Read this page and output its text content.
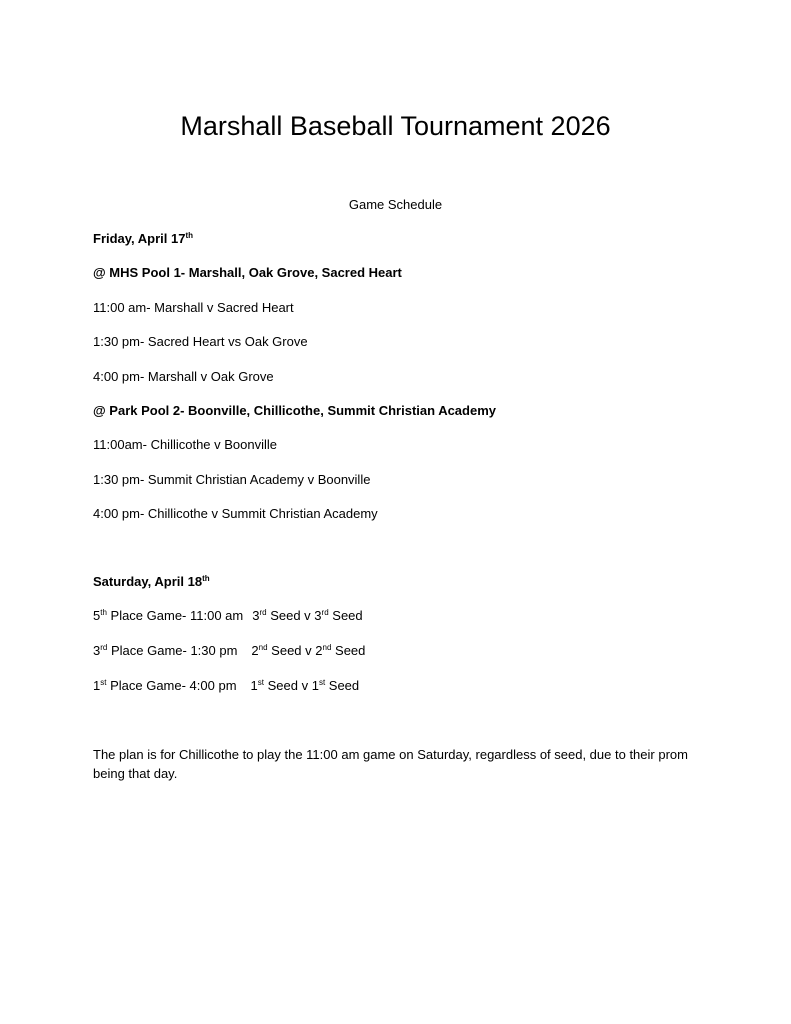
Marshall Baseball Tournament 2026

Game Schedule

Friday, April 17th

@ MHS Pool 1- Marshall, Oak Grove, Sacred Heart

11:00 am- Marshall v Sacred Heart

1:30 pm- Sacred Heart vs Oak Grove

4:00 pm- Marshall v Oak Grove

@ Park Pool 2- Boonville, Chillicothe, Summit Christian Academy

11:00am- Chillicothe v Boonville

1:30 pm- Summit Christian Academy v Boonville

4:00 pm- Chillicothe v Summit Christian Academy

Saturday, April 18th

5th Place Game- 11:00 am 3rd Seed v 3rd Seed

3rd Place Game- 1:30 pm 2nd Seed v 2nd Seed

1st Place Game- 4:00 pm 1st Seed v 1st Seed

The plan is for Chillicothe to play the 11:00 am game on Saturday, regardless of seed, due to their prom being that day.
